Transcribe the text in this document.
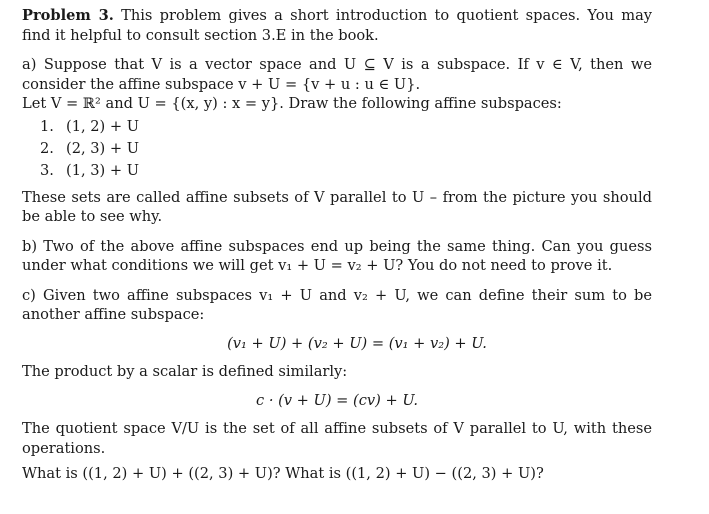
Problem 3. This problem gives a short introduction to quotient spaces. You may find it helpful to consult section 3.E in the book.

a) Suppose that V is a vector space and U ⊆ V is a subspace. If v ∈ V, then we consider the affine subspace v + U = {v + u : u ∈ U}.

Let V = ℝ² and U = {(x, y) : x = y}. Draw the following affine subspaces:

1. (1, 2) + U
2. (2, 3) + U
3. (1, 3) + U

These sets are called affine subsets of V parallel to U – from the picture you should be able to see why.

b) Two of the above affine subspaces end up being the same thing. Can you guess under what conditions we will get v₁ + U = v₂ + U? You do not need to prove it.

c) Given two affine subspaces v₁ + U and v₂ + U, we can define their sum to be another affine subspace:

(v₁ + U) + (v₂ + U) = (v₁ + v₂) + U.

The product by a scalar is defined similarly:

c · (v + U) = (cv) + U.

The quotient space V/U is the set of all affine subsets of V parallel to U, with these operations.

What is ((1, 2) + U) + ((2, 3) + U)? What is ((1, 2) + U) − ((2, 3) + U)?
